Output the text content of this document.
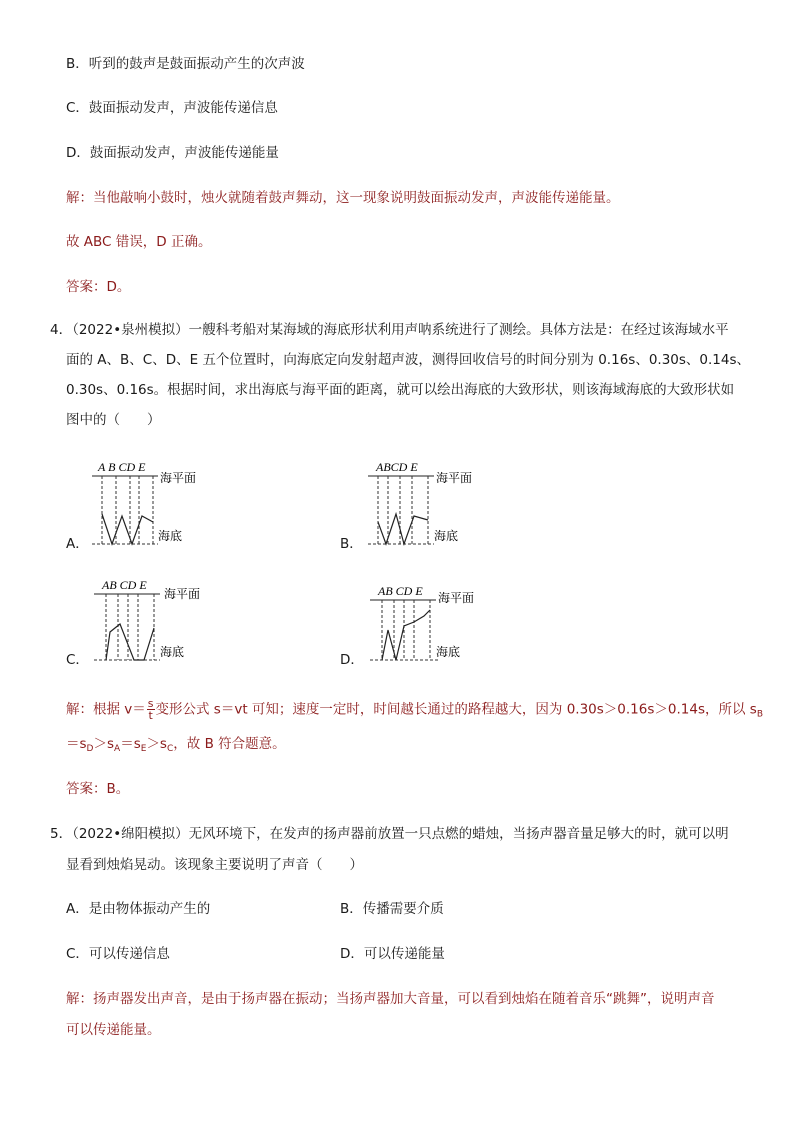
B．听到的鼓声是鼓面振动产生的次声波
C．鼓面振动发声，声波能传递信息
D．鼓面振动发声，声波能传递能量
解：当他敲响小鼓时，烛火就随着鼓声舞动，这一现象说明鼓面振动发声，声波能传递能量。
故 ABC 错误，D 正确。
答案：D。
4．（2022•泉州模拟）一艘科考船对某海域的海底形状利用声呐系统进行了测绘。具体方法是：在经过该海域水平
面的 A、B、C、D、E 五个位置时，向海底定向发射超声波，测得回收信号的时间分别为 0.16s、0.30s、0.14s、
0.30s、0.16s。根据时间，求出海底与海平面的距离，就可以绘出海底的大致形状，则该海域海底的大致形状如
图中的（　　）
A．
A B CD E
海平面
海底	B．
ABCD E
海平面
海底
C．
AB CD E
海平面
海底	D．
AB CD E 海平面
海底
解：根据 $v= \frac{s}{t}$ 变形公式 s＝vt 可知；速度一定时，时间越长通过的路程越大，因为 0.30s＞0.16s＞0.14s，所以 $s_B$
$=s_D>s_A=s_E>s_C$，故 B 符合题意。
答案：B。
5．（2022•绵阳模拟）无风环境下，在发声的扬声器前放置一只点燃的蜡烛，当扬声器音量足够大的时，就可以明
显看到烛焰晃动。该现象主要说明了声音（　　）
A．是由物体振动产生的	B．传播需要介质
C．可以传递信息	D．可以传递能量
解：扬声器发出声音，是由于扬声器在振动；当扬声器加大音量，可以看到烛焰在随着音乐“跳舞”，说明声音
可以传递能量。
